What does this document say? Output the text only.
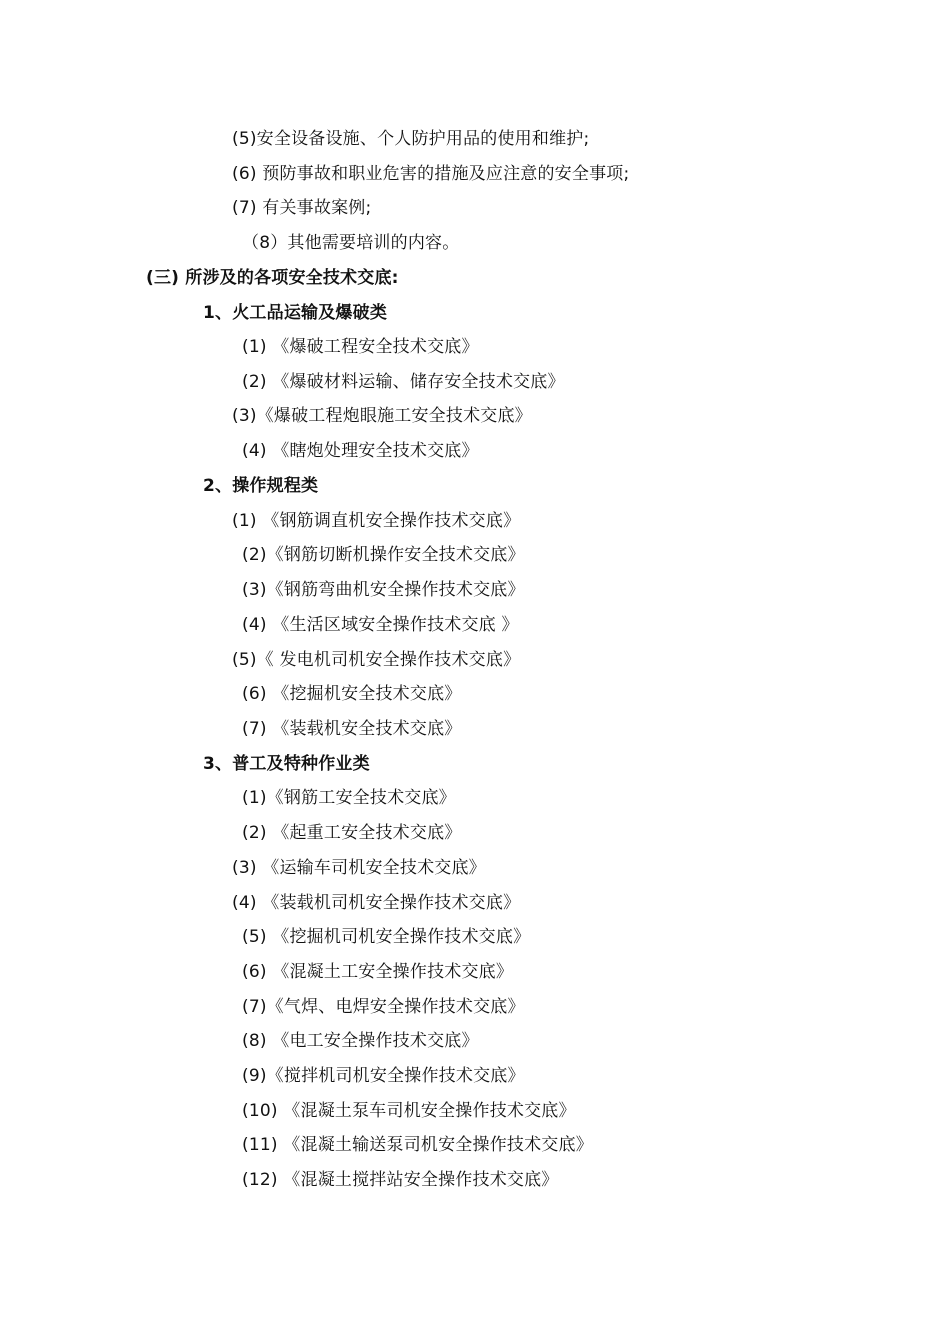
(5)安全设备设施、个人防护用品的使用和维护;
(6) 预防事故和职业危害的措施及应注意的安全事项;
(7) 有关事故案例;
（8）其他需要培训的内容。
(三) 所涉及的各项安全技术交底:
1、火工品运输及爆破类
(1) 《爆破工程安全技术交底》
(2) 《爆破材料运输、储存安全技术交底》
(3)《爆破工程炮眼施工安全技术交底》
(4) 《瞎炮处理安全技术交底》
2、操作规程类
(1) 《钢筋调直机安全操作技术交底》
(2)《钢筋切断机操作安全技术交底》
(3)《钢筋弯曲机安全操作技术交底》
(4) 《生活区域安全操作技术交底 》
(5)《 发电机司机安全操作技术交底》
(6) 《挖掘机安全技术交底》
(7) 《装载机安全技术交底》
3、普工及特种作业类
(1)《钢筋工安全技术交底》
(2) 《起重工安全技术交底》
(3) 《运输车司机安全技术交底》
(4) 《装载机司机安全操作技术交底》
(5) 《挖掘机司机安全操作技术交底》
(6) 《混凝土工安全操作技术交底》
(7)《气焊、电焊安全操作技术交底》
(8) 《电工安全操作技术交底》
(9)《搅拌机司机安全操作技术交底》
(10) 《混凝土泵车司机安全操作技术交底》
(11) 《混凝土输送泵司机安全操作技术交底》
(12) 《混凝土搅拌站安全操作技术交底》
